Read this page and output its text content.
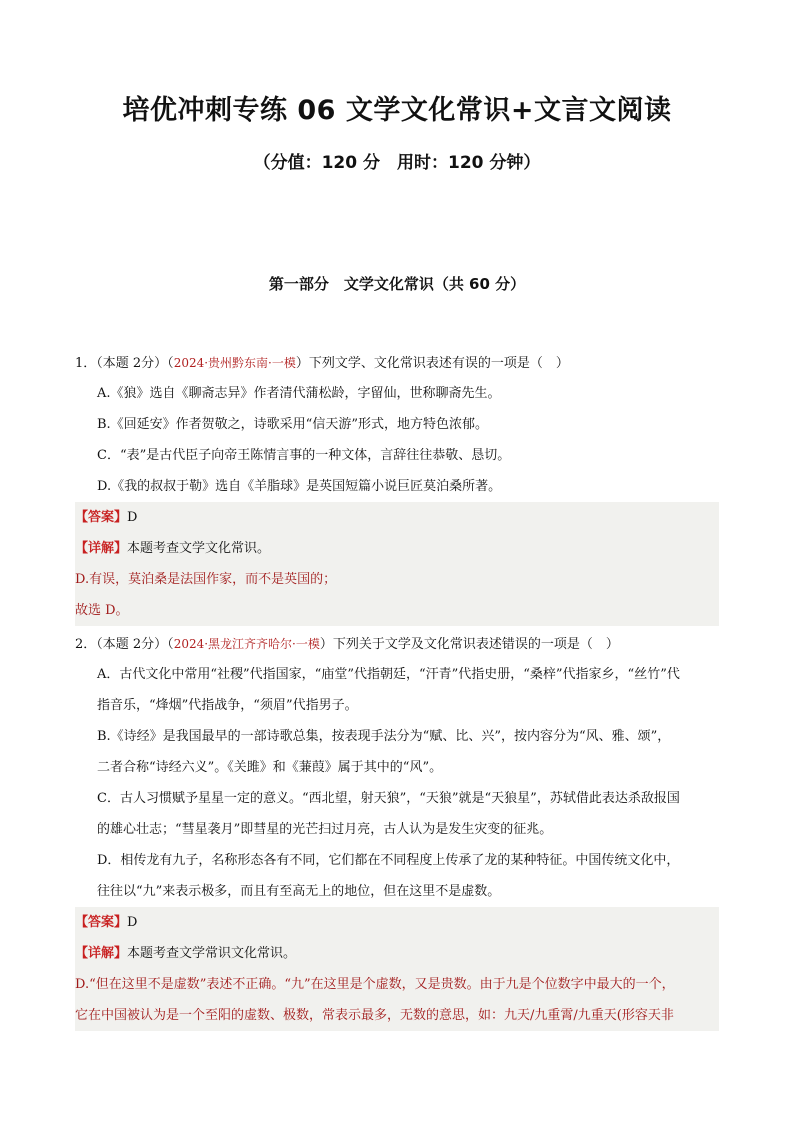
培优冲刺专练 06 文学文化常识+文言文阅读
（分值：120 分　用时：120 分钟）
第一部分　文学文化常识（共 60 分）
1．（本题 2分）（2024·贵州黔东南·一模）下列文学、文化常识表述有误的一项是（　）
A.《狼》选自《聊斋志异》作者清代蒲松龄，字留仙，世称聊斋先生。
B.《回延安》作者贺敬之，诗歌采用“信天游”形式，地方特色浓郁。
C．“表”是古代臣子向帝王陈情言事的一种文体，言辞往往恭敬、恳切。
D.《我的叔叔于勒》选自《羊脂球》是英国短篇小说巨匠莫泊桑所著。
【答案】D
【详解】本题考查文学文化常识。
D.有误，莫泊桑是法国作家，而不是英国的；
故选 D。
2．（本题 2分）（2024·黑龙江齐齐哈尔·一模）下列关于文学及文化常识表述错误的一项是（　）
A．古代文化中常用“社稷”代指国家，“庙堂”代指朝廷，“汗青”代指史册，“桑梓”代指家乡，“丝竹”代
指音乐，“烽烟”代指战争，“须眉”代指男子。
B.《诗经》是我国最早的一部诗歌总集，按表现手法分为“赋、比、兴”，按内容分为“风、雅、颂”，
二者合称“诗经六义”。《关雎》和《蒹葭》属于其中的“风”。
C．古人习惯赋予星星一定的意义。“西北望，射天狼”，“天狼”就是“天狼星”，苏轼借此表达杀敌报国
的雄心壮志；“彗星袭月”即彗星的光芒扫过月亮，古人认为是发生灾变的征兆。
D．相传龙有九子，名称形态各有不同，它们都在不同程度上传承了龙的某种特征。中国传统文化中，
往往以“九”来表示极多，而且有至高无上的地位，但在这里不是虚数。
【答案】D
【详解】本题考查文学常识文化常识。
D.“但在这里不是虚数”表述不正确。“九”在这里是个虚数，又是贵数。由于九是个位数字中最大的一个，
它在中国被认为是一个至阳的虚数、极数，常表示最多，无数的意思，如：九天/九重霄/九重天(形容天非
